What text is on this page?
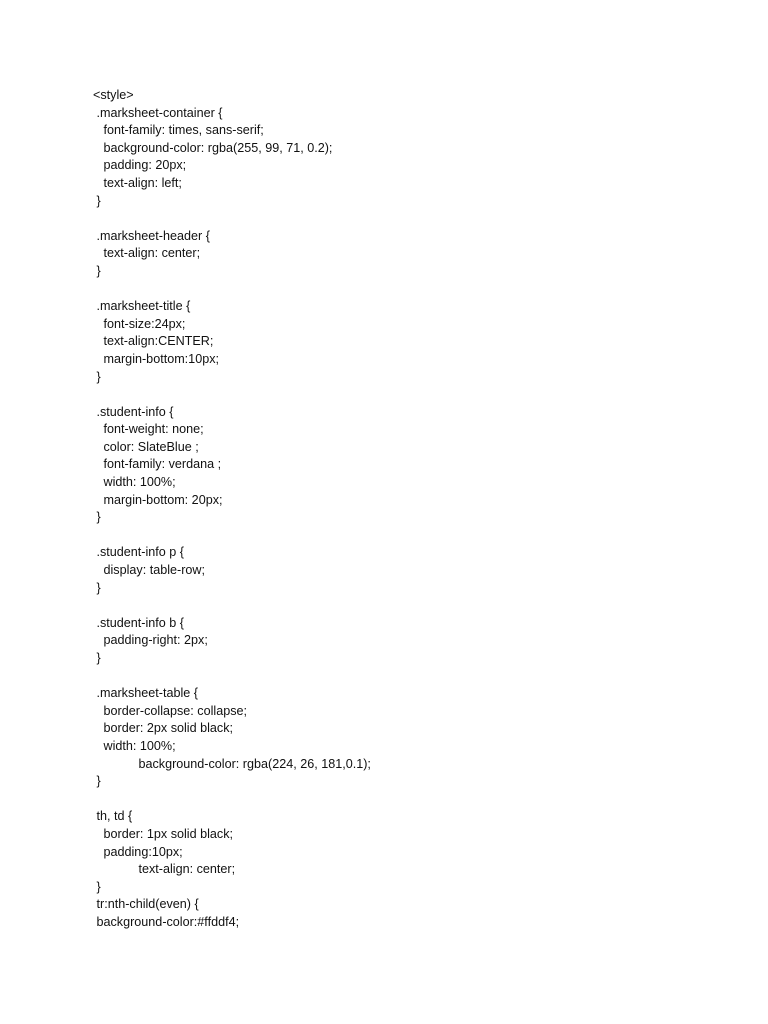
<style>
.marksheet-container {
font-family: times, sans-serif;
background-color: rgba(255, 99, 71, 0.2);
padding: 20px;
text-align: left;
}
.marksheet-header {
text-align: center;
}
.marksheet-title {
font-size:24px;
text-align:CENTER;
margin-bottom:10px;
}
.student-info {
font-weight: none;
color: SlateBlue ;
font-family: verdana ;
width: 100%;
margin-bottom: 20px;
}
.student-info p {
display: table-row;
}
.student-info b {
padding-right: 2px;
}
.marksheet-table {
border-collapse: collapse;
border: 2px solid black;
width: 100%;
background-color: rgba(224, 26, 181,0.1);
}
th, td {
border: 1px solid black;
padding:10px;
text-align: center;
}
tr:nth-child(even) {
background-color:#ffddf4;
